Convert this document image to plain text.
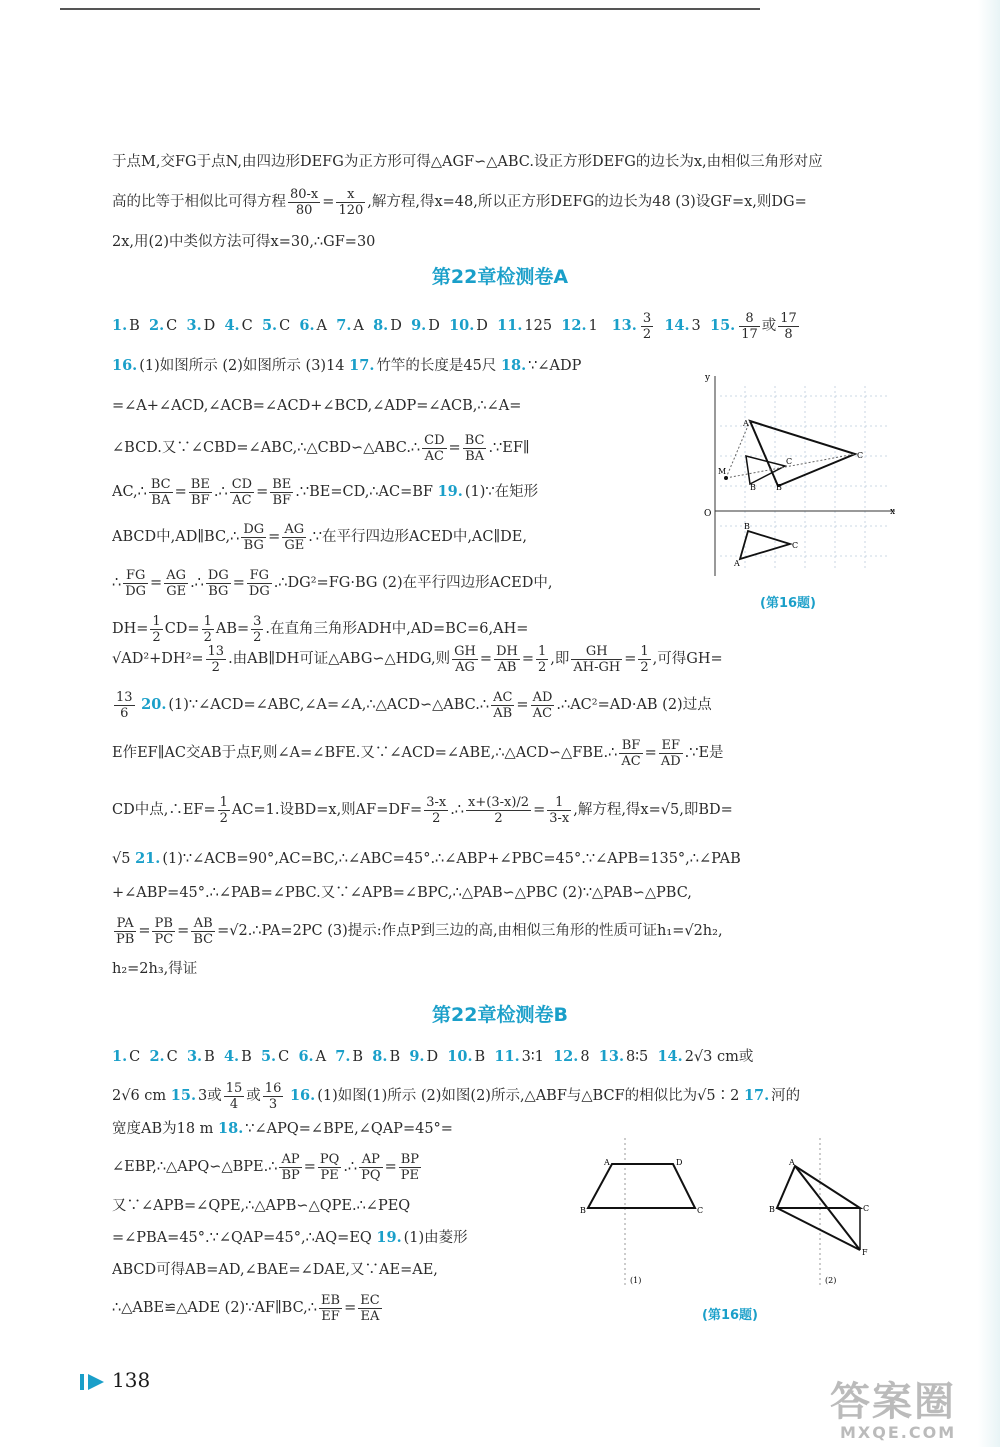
于点M,交FG于点N,由四边形DEFG为正方形可得△AGF∽△ABC.设正方形DEFG的边长为x,由相似三角形对应
高的比等于相似比可得方程 $\frac{80-x}{80} = \frac{x}{120}$ ,解方程,得x=48,所以正方形DEFG的边长为48 (3)设GF=x,则DG=
2x,用(2)中类似方法可得x=30,∴GF=30
第22章检测卷A
1. B  2. C  3. D  4. C  5. C  6. A  7. A  8. D  9. D  10. D  11. 125  12. 1   13. $\frac{3}{2} 14$. 3 15. $\frac{8}{17}$ 或 $\frac{17}{8}$
16. (1)如图所示 (2)如图所示 (3)14 17. 竹竿的长度是45尺 18. ∵∠ADP
=∠A+∠ACD,∠ACB=∠ACD+∠BCD,∠ADP=∠ACB,∴∠A=
∠BCD.又∵∠CBD=∠ABC,∴△CBD∽△ABC.∴ $\frac{CD}{AC} = \frac{BC}{BA}$ .∵EF∥
AC,∴ $\frac{BC}{BA} = \frac{BE}{BF}$ .∴ $\frac{CD}{AC} = \frac{BE}{BF}$ .∵BE=CD,∴AC=BF 19. (1)∵在矩形
ABCD中,AD∥BC,∴ $\frac{DG}{BG} = \frac{AG}{GE}$ .∵在平行四边形ACED中,AC∥DE,
∴ $\frac{FG}{DG} = \frac{AG}{GE}$ .∴ $\frac{DG}{BG} = \frac{FG}{DG}$ .∴DG²=FG·BG (2)在平行四边形ACED中,
$DH= \frac{1}{2} CD= \frac{1}{2} AB= \frac{3}{2}$ .在直角三角形ADH中,AD=BC=6,AH=
$√AD^2+DH^2= \frac{13}{2}$ .由AB∥DH可证△ABG∽△HDG,则 $\frac{GH}{AG} = \frac{DH}{AB} = \frac{1}{2}$ ,即 $\frac{GH}{AH-GH} = \frac{1}{2}$ ,可得GH=
$\frac{13}{6} 20$. (1)∵∠ACD=∠ABC,∠A=∠A,∴△ACD∽△ABC.∴ $\frac{AC}{AB} = \frac{AD}{AC}$ .∴AC²=AD·AB (2)过点
E作EF∥AC交AB于点F,则∠A=∠BFE.又∵∠ACD=∠ABE,∴△ACD∽△FBE.∴ $\frac{BF}{AC} = \frac{EF}{AD}$ .∵E是
CD中点,∴EF= $\frac{1}{2} AC=1$.设BD=x,则$AF=DF= \frac{3-x}{2}$ .∴ $\frac{x+(3-x)/2}{2} = \frac{1}{3-x}$ ,解方程,得x=√5,即BD=
√5 21. (1)∵∠ACB=90°,AC=BC,∴∠ABC=45°.∴∠ABP+∠PBC=45°.∵∠APB=135°,∴∠PAB
+∠ABP=45°.∴∠PAB=∠PBC.又∵∠APB=∠BPC,∴△PAB∽△PBC (2)∵△PAB∽△PBC,
$\frac{PA}{PB} = \frac{PB}{PC} = \frac{AB}{BC}$ =√2.∴PA=2PC (3)提示:作点P到三边的高,由相似三角形的性质可证h₁=√2h₂,
h₂=2h₃,得证
y
x
O
M
A
C
B
C
B
B
C
A
(第16题)
第22章检测卷B
1. C  2. C  3. B  4. B  5. C  6. A  7. B  8. B  9. D  10. B  11. 3∶1  12. 8  13. 8∶5  14. 2√3 cm或
2√6 cm 15. 3或 $\frac{15}{4}$ 或 $\frac{16}{3} 16$. (1)如图(1)所示 (2)如图(2)所示,△ABF与△BCF的相似比为√5∶2 17. 河的
宽度AB为18 m 18. ∵∠APQ=∠BPE,∠QAP=45°=
∠EBP,∴△APQ∽△BPE.∴ $\frac{AP}{BP} = \frac{PQ}{PE}$ .∴ $\frac{AP}{PQ} = \frac{BP}{PE}$
又∵∠APB=∠QPE,∴△APB∽△QPE.∴∠PEQ
=∠PBA=45°.∵∠QAP=45°,∴AQ=EQ 19. (1)由菱形
ABCD可得AB=AD,∠BAE=∠DAE,又∵AE=AE,
∴△ABE≌△ADE (2)∵AF∥BC,∴ $\frac{EB}{EF} = \frac{EC}{EA}$
A	D
B	C
(1)
A
B	C
F
(2)
(第16题)
138	答案圈
MXQE.COM
